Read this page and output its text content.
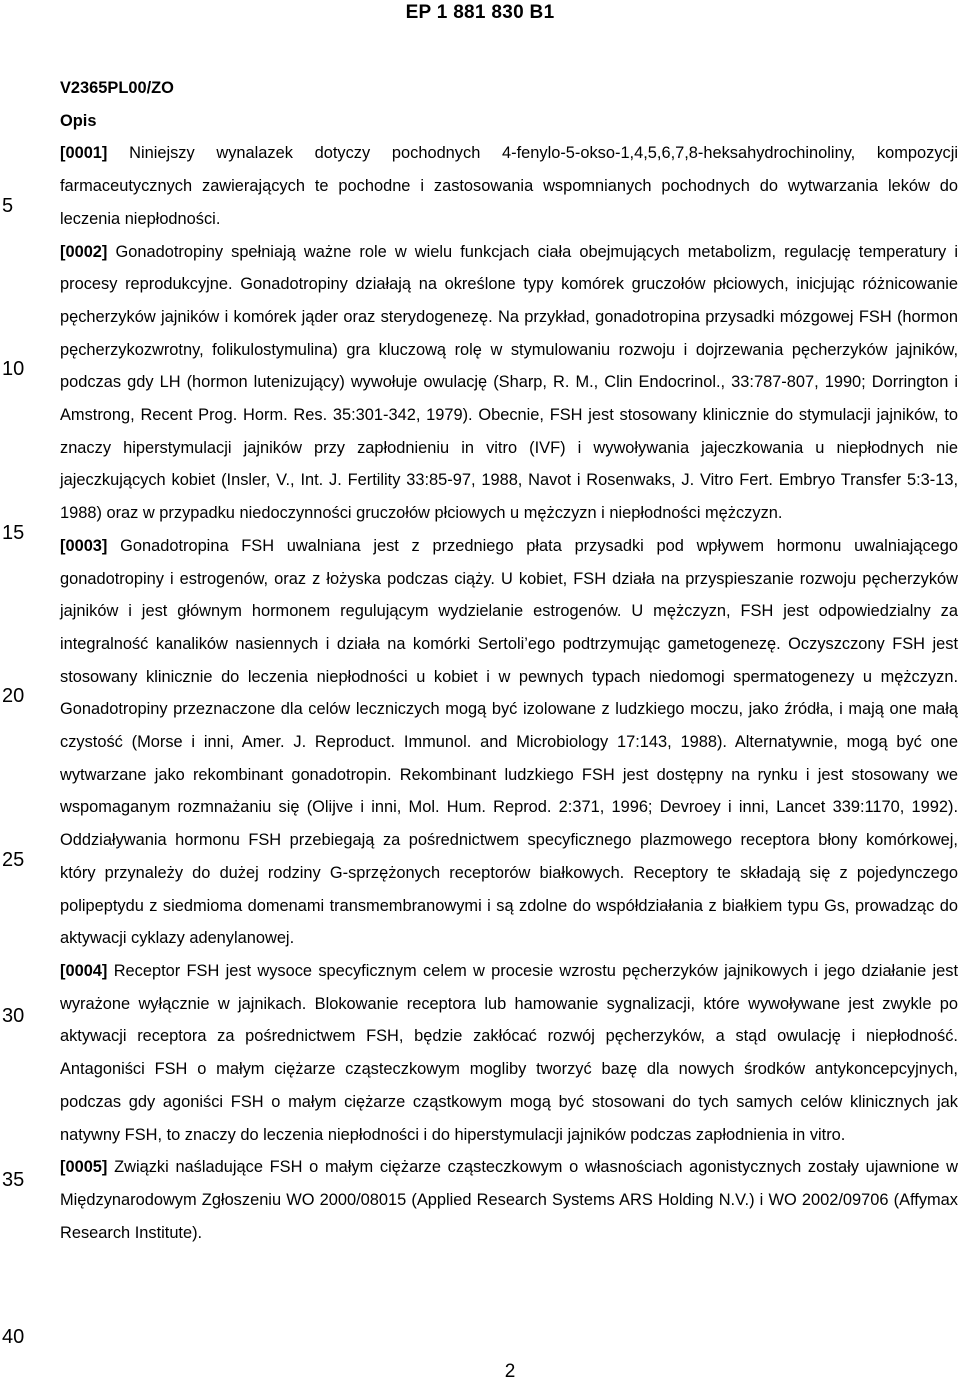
EP 1 881 830 B1
5
10
15
20
25
30
35
40
V2365PL00/ZO
Opis

[0001] Niniejszy wynalazek dotyczy pochodnych 4-fenylo-5-okso-1,4,5,6,7,8-heksahydrochinoliny, kompozycji farmaceutycznych zawierających te pochodne i zastosowania wspomnianych pochodnych do wytwarzania leków do leczenia niepłodności.

[0002] Gonadotropiny spełniają ważne role w wielu funkcjach ciała obejmujących metabolizm, regulację temperatury i procesy reprodukcyjne. Gonadotropiny działają na określone typy komórek gruczołów płciowych, inicjując różnicowanie pęcherzyków jajników i komórek jąder oraz sterydogenezę. Na przykład, gonadotropina przysadki mózgowej FSH (hormon pęcherzykozwrotny, folikulostymulina) gra kluczową rolę w stymulowaniu rozwoju i dojrzewania pęcherzyków jajników, podczas gdy LH (hormon lutenizujący) wywołuje owulację (Sharp, R. M., Clin Endocrinol., 33:787-807, 1990; Dorrington i Amstrong, Recent Prog. Horm. Res. 35:301-342, 1979). Obecnie, FSH jest stosowany klinicznie do stymulacji jajników, to znaczy hiperstymulacji jajników przy zapłodnieniu in vitro (IVF) i wywoływania jajeczkowania u niepłodnych nie jajeczkujących kobiet (Insler, V., Int. J. Fertility 33:85-97, 1988, Navot i Rosenwaks, J. Vitro Fert. Embryo Transfer 5:3-13, 1988) oraz w przypadku niedoczynności gruczołów płciowych u mężczyzn i niepłodności mężczyzn.

[0003] Gonadotropina FSH uwalniana jest z przedniego płata przysadki pod wpływem hormonu uwalniającego gonadotropiny i estrogenów, oraz z łożyska podczas ciąży. U kobiet, FSH działa na przyspieszanie rozwoju pęcherzyków jajników i jest głównym hormonem regulującym wydzielanie estrogenów. U mężczyzn, FSH jest odpowiedzialny za integralność kanalików nasiennych i działa na komórki Sertoli’ego podtrzymując gametogenezę. Oczyszczony FSH jest stosowany klinicznie do leczenia niepłodności u kobiet i w pewnych typach niedomogi spermatogenezy u mężczyzn. Gonadotropiny przeznaczone dla celów leczniczych mogą być izolowane z ludzkiego moczu, jako źródła, i mają one małą czystość (Morse i inni, Amer. J. Reproduct. Immunol. and Microbiology 17:143, 1988). Alternatywnie, mogą być one wytwarzane jako rekombinant gonadotropin. Rekombinant ludzkiego FSH jest dostępny na rynku i jest stosowany we wspomaganym rozmnażaniu się (Olijve i inni, Mol. Hum. Reprod. 2:371, 1996; Devroey i inni, Lancet 339:1170, 1992). Oddziaływania hormonu FSH przebiegają za pośrednictwem specyficznego plazmowego receptora błony komórkowej, który przynależy do dużej rodziny G-sprzężonych receptorów białkowych. Receptory te składają się z pojedynczego polipeptydu z siedmioma domenami transmembranowymi i są zdolne do współdziałania z białkiem typu Gs, prowadząc do aktywacji cyklazy adenylanowej.

[0004] Receptor FSH jest wysoce specyficznym celem w procesie wzrostu pęcherzyków jajnikowych i jego działanie jest wyrażone wyłącznie w jajnikach. Blokowanie receptora lub hamowanie sygnalizacji, które wywoływane jest zwykle po aktywacji receptora za pośrednictwem FSH, będzie zakłócać rozwój pęcherzyków, a stąd owulację i niepłodność. Antagoniści FSH o małym ciężarze cząsteczkowym mogliby tworzyć bazę dla nowych środków antykoncepcyjnych, podczas gdy agoniści FSH o małym ciężarze cząstkowym mogą być stosowani do tych samych celów klinicznych jak natywny FSH, to znaczy do leczenia niepłodności i do hiperstymulacji jajników podczas zapłodnienia in vitro.

[0005] Związki naśladujące FSH o małym ciężarze cząsteczkowym o własnościach agonistycznych zostały ujawnione w Międzynarodowym Zgłoszeniu WO 2000/08015 (Applied Research Systems ARS Holding N.V.) i WO 2002/09706 (Affymax Research Institute).

2
